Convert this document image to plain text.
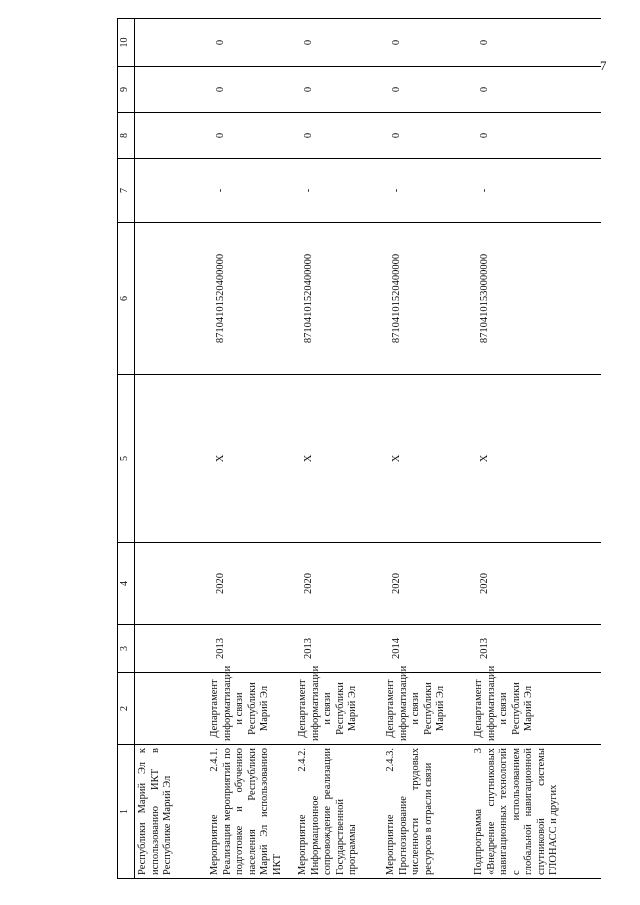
7
1	2	3	4	5	6	7	8	9	10
Республики Марий Эл к использованию ИКТ в Республике Марий Эл									
Мероприятие 2.4.1. Реализация мероприятий по подготовке и обучению населения Республики Марий Эл использованию ИКТ	Департамент информатизации и связи Республики Марий Эл	2013	2020	X	87104101520400000	-	0	0	0
Мероприятие 2.4.2. Информационное сопровождение реализации Государственной программы	Департамент информатизации и связи Республики Марий Эл	2013	2020	X	87104101520400000	-	0	0	0
Мероприятие 2.4.3. Прогнозирование численности трудовых ресурсов в отрасли связи	Департамент информатизации и связи Республики Марий Эл	2014	2020	X	87104101520400000	-	0	0	0
Подпрограмма 3 «Внедрение спутниковых навигационных технологий с использованием глобальной навигационной спутниковой системы ГЛОНАСС и других	Департамент информатизации и связи Республики Марий Эл	2013	2020	X	87104101530000000	-	0	0	0
